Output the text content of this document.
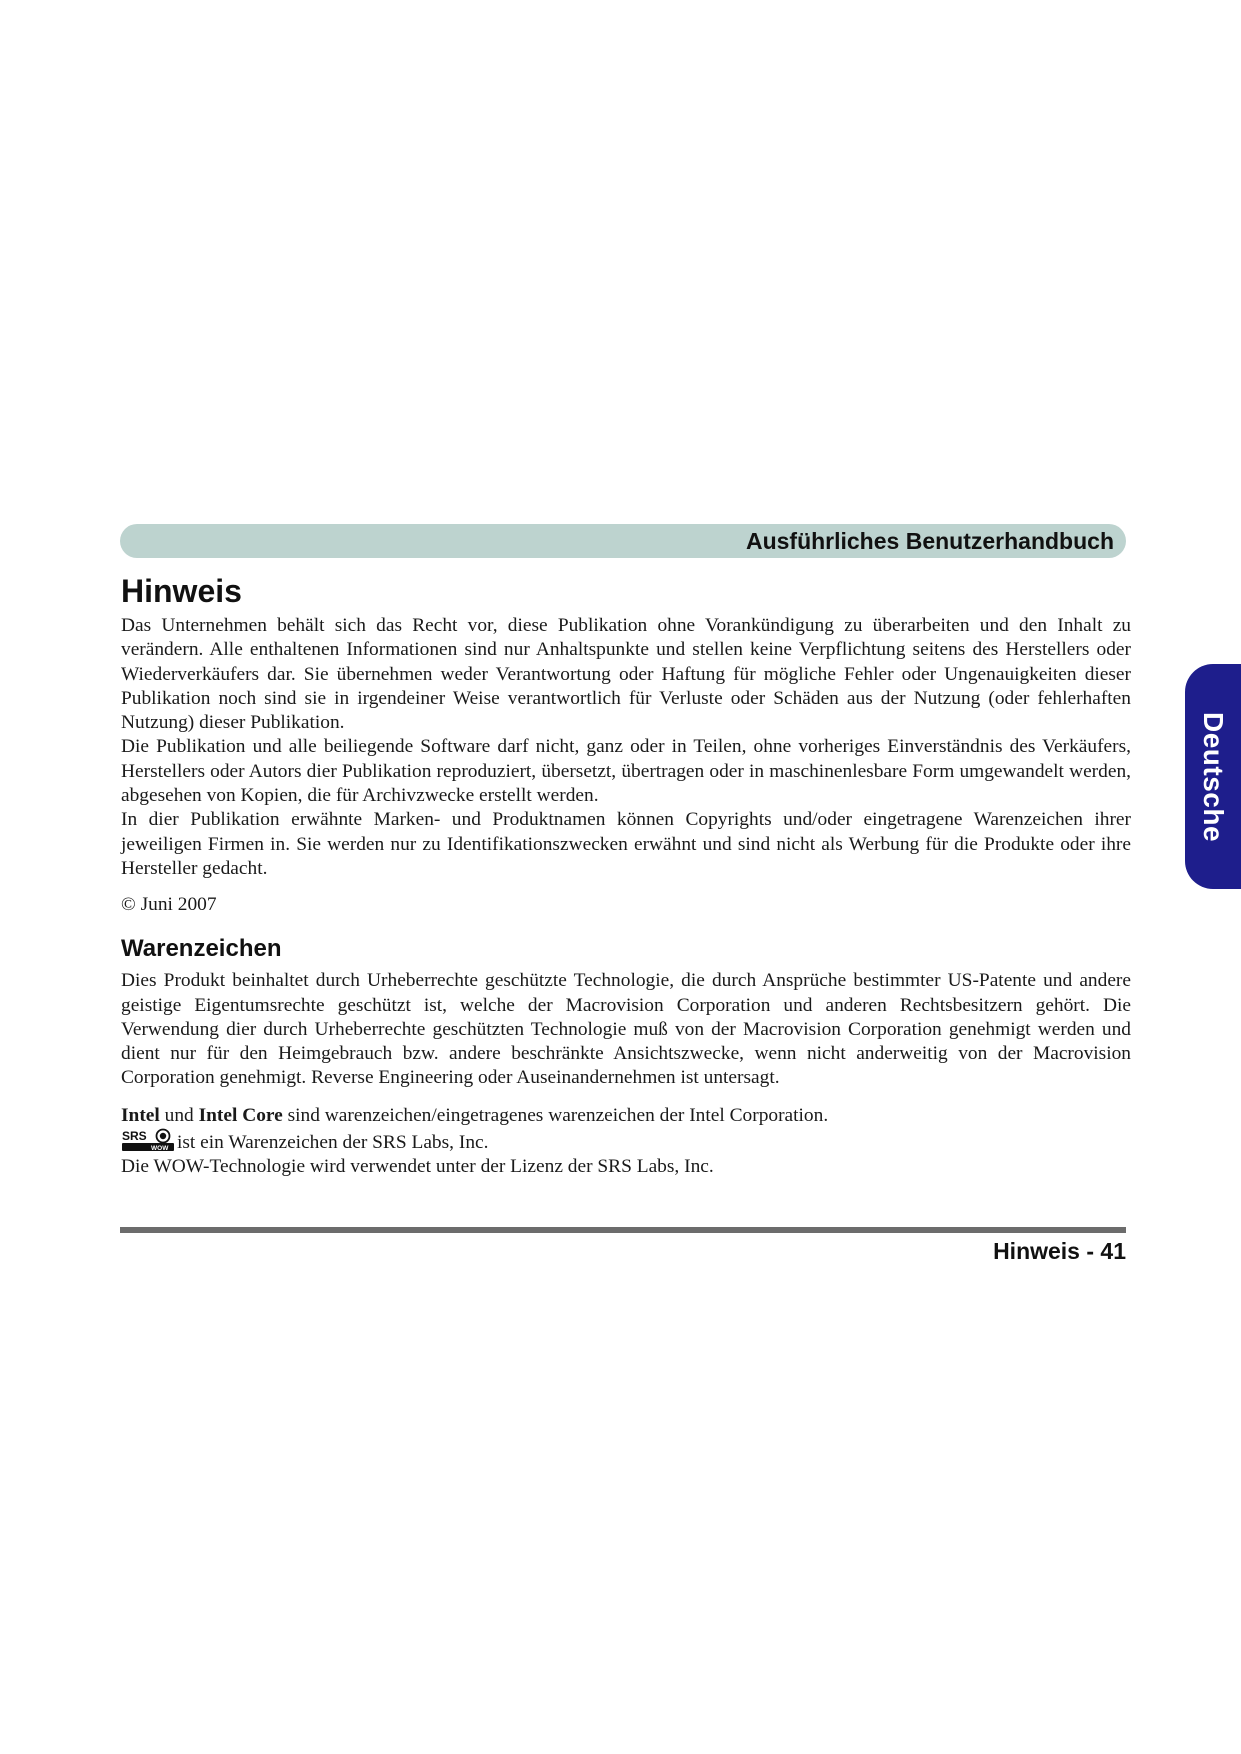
Ausführliches Benutzerhandbuch
Deutsche
Hinweis

Das Unternehmen behält sich das Recht vor, diese Publikation ohne Vorankündigung zu überarbeiten und den Inhalt zu verändern. Alle enthaltenen Informationen sind nur Anhaltspunkte und stellen keine Verpflichtung seitens des Herstellers oder Wiederverkäufers dar. Sie übernehmen weder Verantwortung oder Haftung für mögliche Fehler oder Ungenauigkeiten dieser Publikation noch sind sie in irgendeiner Weise verantwortlich für Verluste oder Schäden aus der Nutzung (oder fehlerhaften Nutzung) dieser Publikation.

Die Publikation und alle beiliegende Software darf nicht, ganz oder in Teilen, ohne vorheriges Einverständnis des Verkäufers, Herstellers oder Autors dier Publikation reproduziert, übersetzt, übertragen oder in maschinenlesbare Form umgewandelt werden, abgesehen von Kopien, die für Archivzwecke erstellt werden.

In dier Publikation erwähnte Marken- und Produktnamen können Copyrights und/oder eingetragene Warenzeichen ihrer jeweiligen Firmen in. Sie werden nur zu Identifikationszwecken erwähnt und sind nicht als Werbung für die Produkte oder ihre Hersteller gedacht.

© Juni 2007

Warenzeichen

Dies Produkt beinhaltet durch Urheberrechte geschützte Technologie, die durch Ansprüche bestimmter US-Patente und andere geistige Eigentumsrechte geschützt ist, welche der Macrovision Corporation und anderen Rechtsbesitzern gehört. Die Verwendung dier durch Urheberrechte geschützten Technologie muß von der Macrovision Corporation genehmigt werden und dient nur für den Heimgebrauch bzw. andere beschränkte Ansichtszwecke, wenn nicht anderweitig von der Macrovision Corporation genehmigt. Reverse Engineering oder Auseinandernehmen ist untersagt.

Intel und Intel Core sind warenzeichen/eingetragenes warenzeichen der Intel Corporation.

SRS
WOW ist ein Warenzeichen der SRS Labs, Inc.

Die WOW-Technologie wird verwendet unter der Lizenz der SRS Labs, Inc.

Hinweis - 41
